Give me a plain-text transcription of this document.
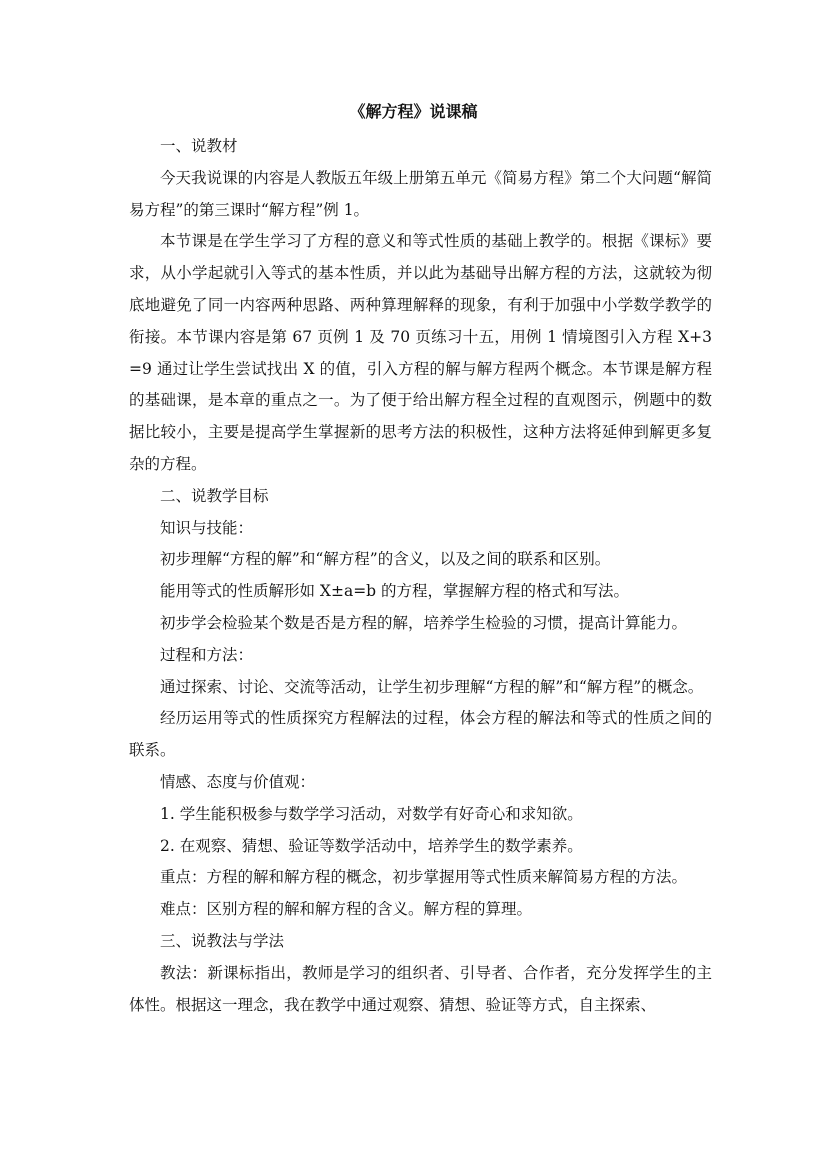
《解方程》说课稿

一、说教材

今天我说课的内容是人教版五年级上册第五单元《简易方程》第二个大问题“解简易方程”的第三课时“解方程”例 1。

本节课是在学生学习了方程的意义和等式性质的基础上教学的。根据《课标》要求，从小学起就引入等式的基本性质，并以此为基础导出解方程的方法，这就较为彻底地避免了同一内容两种思路、两种算理解释的现象，有利于加强中小学数学教学的衔接。本节课内容是第 67 页例 1 及 70 页练习十五，用例 1 情境图引入方程 X+3=9 通过让学生尝试找出 X 的值，引入方程的解与解方程两个概念。本节课是解方程的基础课，是本章的重点之一。为了便于给出解方程全过程的直观图示，例题中的数据比较小，主要是提高学生掌握新的思考方法的积极性，这种方法将延伸到解更多复杂的方程。

二、说教学目标

知识与技能：

初步理解“方程的解”和“解方程”的含义，以及之间的联系和区别。

能用等式的性质解形如 X±a=b 的方程，掌握解方程的格式和写法。

初步学会检验某个数是否是方程的解，培养学生检验的习惯，提高计算能力。

过程和方法：

通过探索、讨论、交流等活动，让学生初步理解“方程的解”和“解方程”的概念。

经历运用等式的性质探究方程解法的过程，体会方程的解法和等式的性质之间的联系。

情感、态度与价值观：

1. 学生能积极参与数学学习活动，对数学有好奇心和求知欲。

2. 在观察、猜想、验证等数学活动中，培养学生的数学素养。

重点：方程的解和解方程的概念，初步掌握用等式性质来解简易方程的方法。

难点：区别方程的解和解方程的含义。解方程的算理。

三、说教法与学法

教法：新课标指出，教师是学习的组织者、引导者、合作者，充分发挥学生的主体性。根据这一理念，我在教学中通过观察、猜想、验证等方式，自主探索、
